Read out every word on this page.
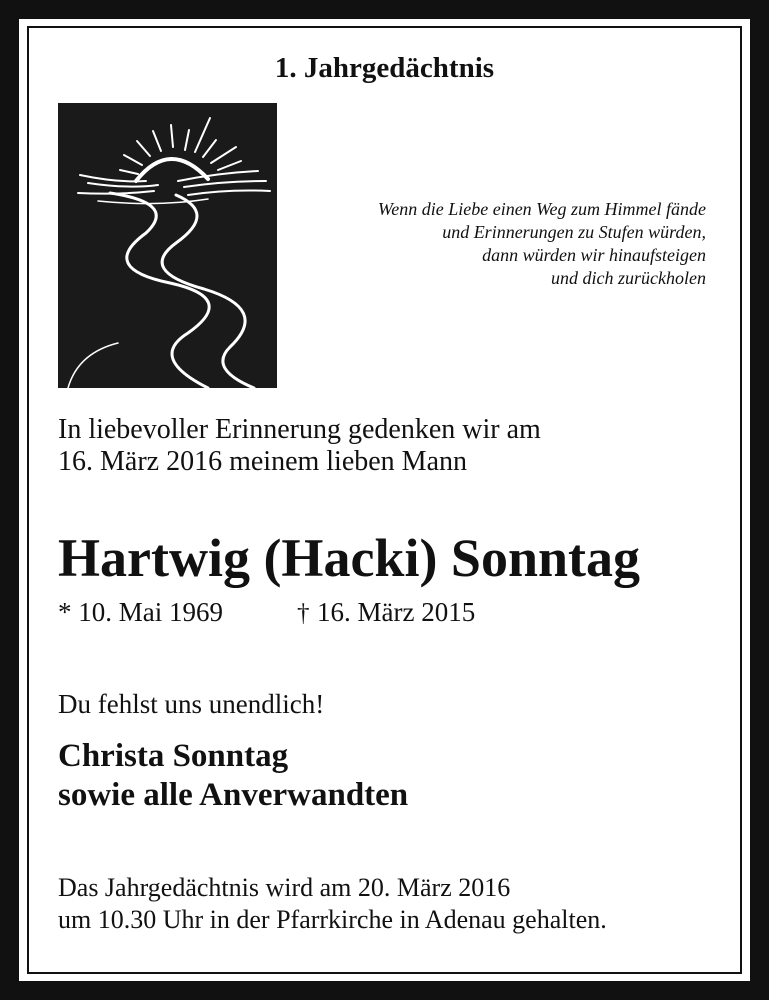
1. Jahrgedächtnis
Wenn die Liebe einen Weg zum Himmel fände
und Erinnerungen zu Stufen würden,
dann würden wir hinaufsteigen
und dich zurückholen

In liebevoller Erinnerung gedenken wir am
16. März 2016 meinem lieben Mann

Hartwig (Hacki) Sonntag
* 10. Mai 1969	† 16. März 2015

Du fehlst uns unendlich!

Christa Sonntag
sowie alle Anverwandten

Das Jahrgedächtnis wird am 20. März 2016
um 10.30 Uhr in der Pfarrkirche in Adenau gehalten.
